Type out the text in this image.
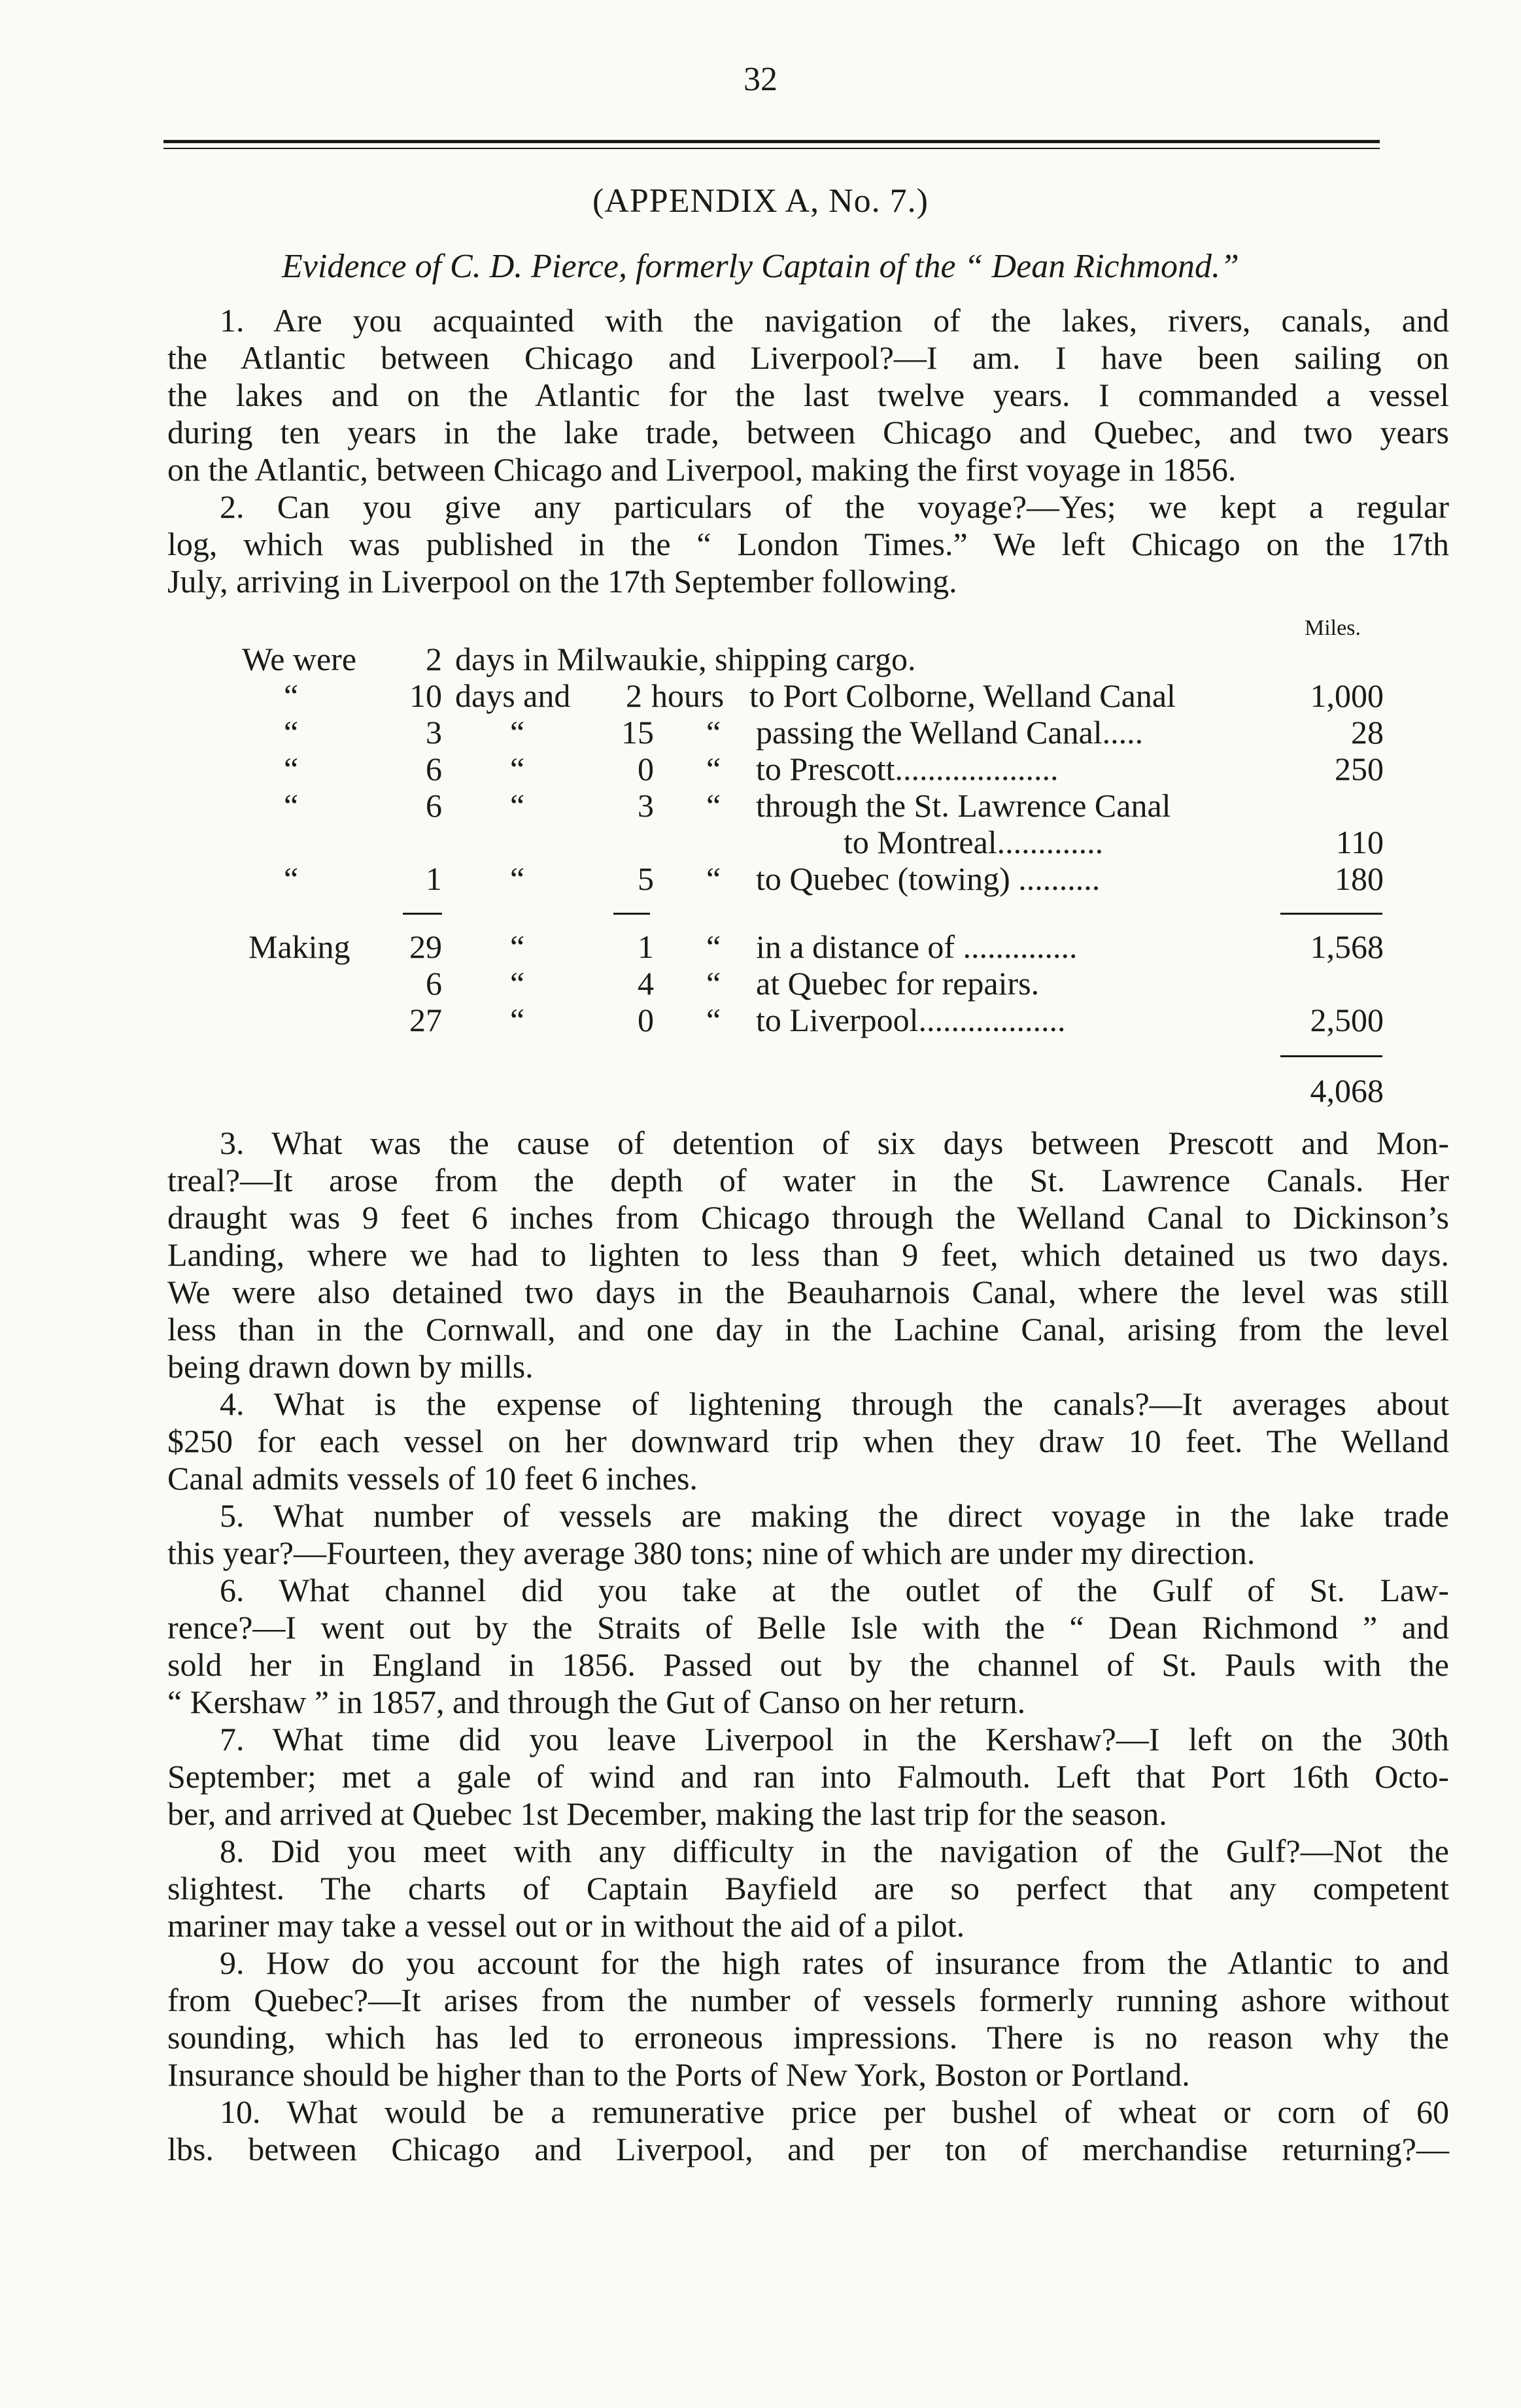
32
(APPENDIX A, No. 7.)
Evidence of C. D. Pierce, formerly Captain of the “ Dean Richmond.”
1. Are you acquainted with the navigation of the lakes, rivers, canals, and
the Atlantic between Chicago and Liverpool?—I am. I have been sailing on
the lakes and on the Atlantic for the last twelve years. I commanded a vessel
during ten years in the lake trade, between Chicago and Quebec, and two years
on the Atlantic, between Chicago and Liverpool, making the first voyage in 1856.
2. Can you give any particulars of the voyage?—Yes; we kept a regular
log, which was published in the “ London Times.” We left Chicago on the 17th
July, arriving in Liverpool on the 17th September following.
Miles.
We were 2 days in Milwaukie, shipping cargo.
“	10 days and 2 hours to Port Colborne, Welland Canal	1,000
“	3 “	15 “ passing the Welland Canal.....	28
“	6 “	0 “ to Prescott....................	250
“	6 “	3 “ through the St. Lawrence Canal
to Montreal.............	110
“	1 “	5 “ to Quebec (towing) ..........	180
Making 29 “	1 “ in a distance of ..............	1,568
6 “	4 “ at Quebec for repairs.
27 “	0 “ to Liverpool..................	2,500
4,068
3. What was the cause of detention of six days between Prescott and Mon-
treal?—It arose from the depth of water in the St. Lawrence Canals. Her
draught was 9 feet 6 inches from Chicago through the Welland Canal to Dickinson’s
Landing, where we had to lighten to less than 9 feet, which detained us two days.
We were also detained two days in the Beauharnois Canal, where the level was still
less than in the Cornwall, and one day in the Lachine Canal, arising from the level
being drawn down by mills.
4. What is the expense of lightening through the canals?—It averages about
$250 for each vessel on her downward trip when they draw 10 feet. The Welland
Canal admits vessels of 10 feet 6 inches.
5. What number of vessels are making the direct voyage in the lake trade
this year?—Fourteen, they average 380 tons; nine of which are under my direction.
6. What channel did you take at the outlet of the Gulf of St. Law-
rence?—I went out by the Straits of Belle Isle with the “ Dean Richmond ” and
sold her in England in 1856. Passed out by the channel of St. Pauls with the
“ Kershaw ” in 1857, and through the Gut of Canso on her return.
7. What time did you leave Liverpool in the Kershaw?—I left on the 30th
September; met a gale of wind and ran into Falmouth. Left that Port 16th Octo-
ber, and arrived at Quebec 1st December, making the last trip for the season.
8. Did you meet with any difficulty in the navigation of the Gulf?—Not the
slightest. The charts of Captain Bayfield are so perfect that any competent
mariner may take a vessel out or in without the aid of a pilot.
9. How do you account for the high rates of insurance from the Atlantic to and
from Quebec?—It arises from the number of vessels formerly running ashore without
sounding, which has led to erroneous impressions. There is no reason why the
Insurance should be higher than to the Ports of New York, Boston or Portland.
10. What would be a remunerative price per bushel of wheat or corn of 60
lbs. between Chicago and Liverpool, and per ton of merchandise returning?—
